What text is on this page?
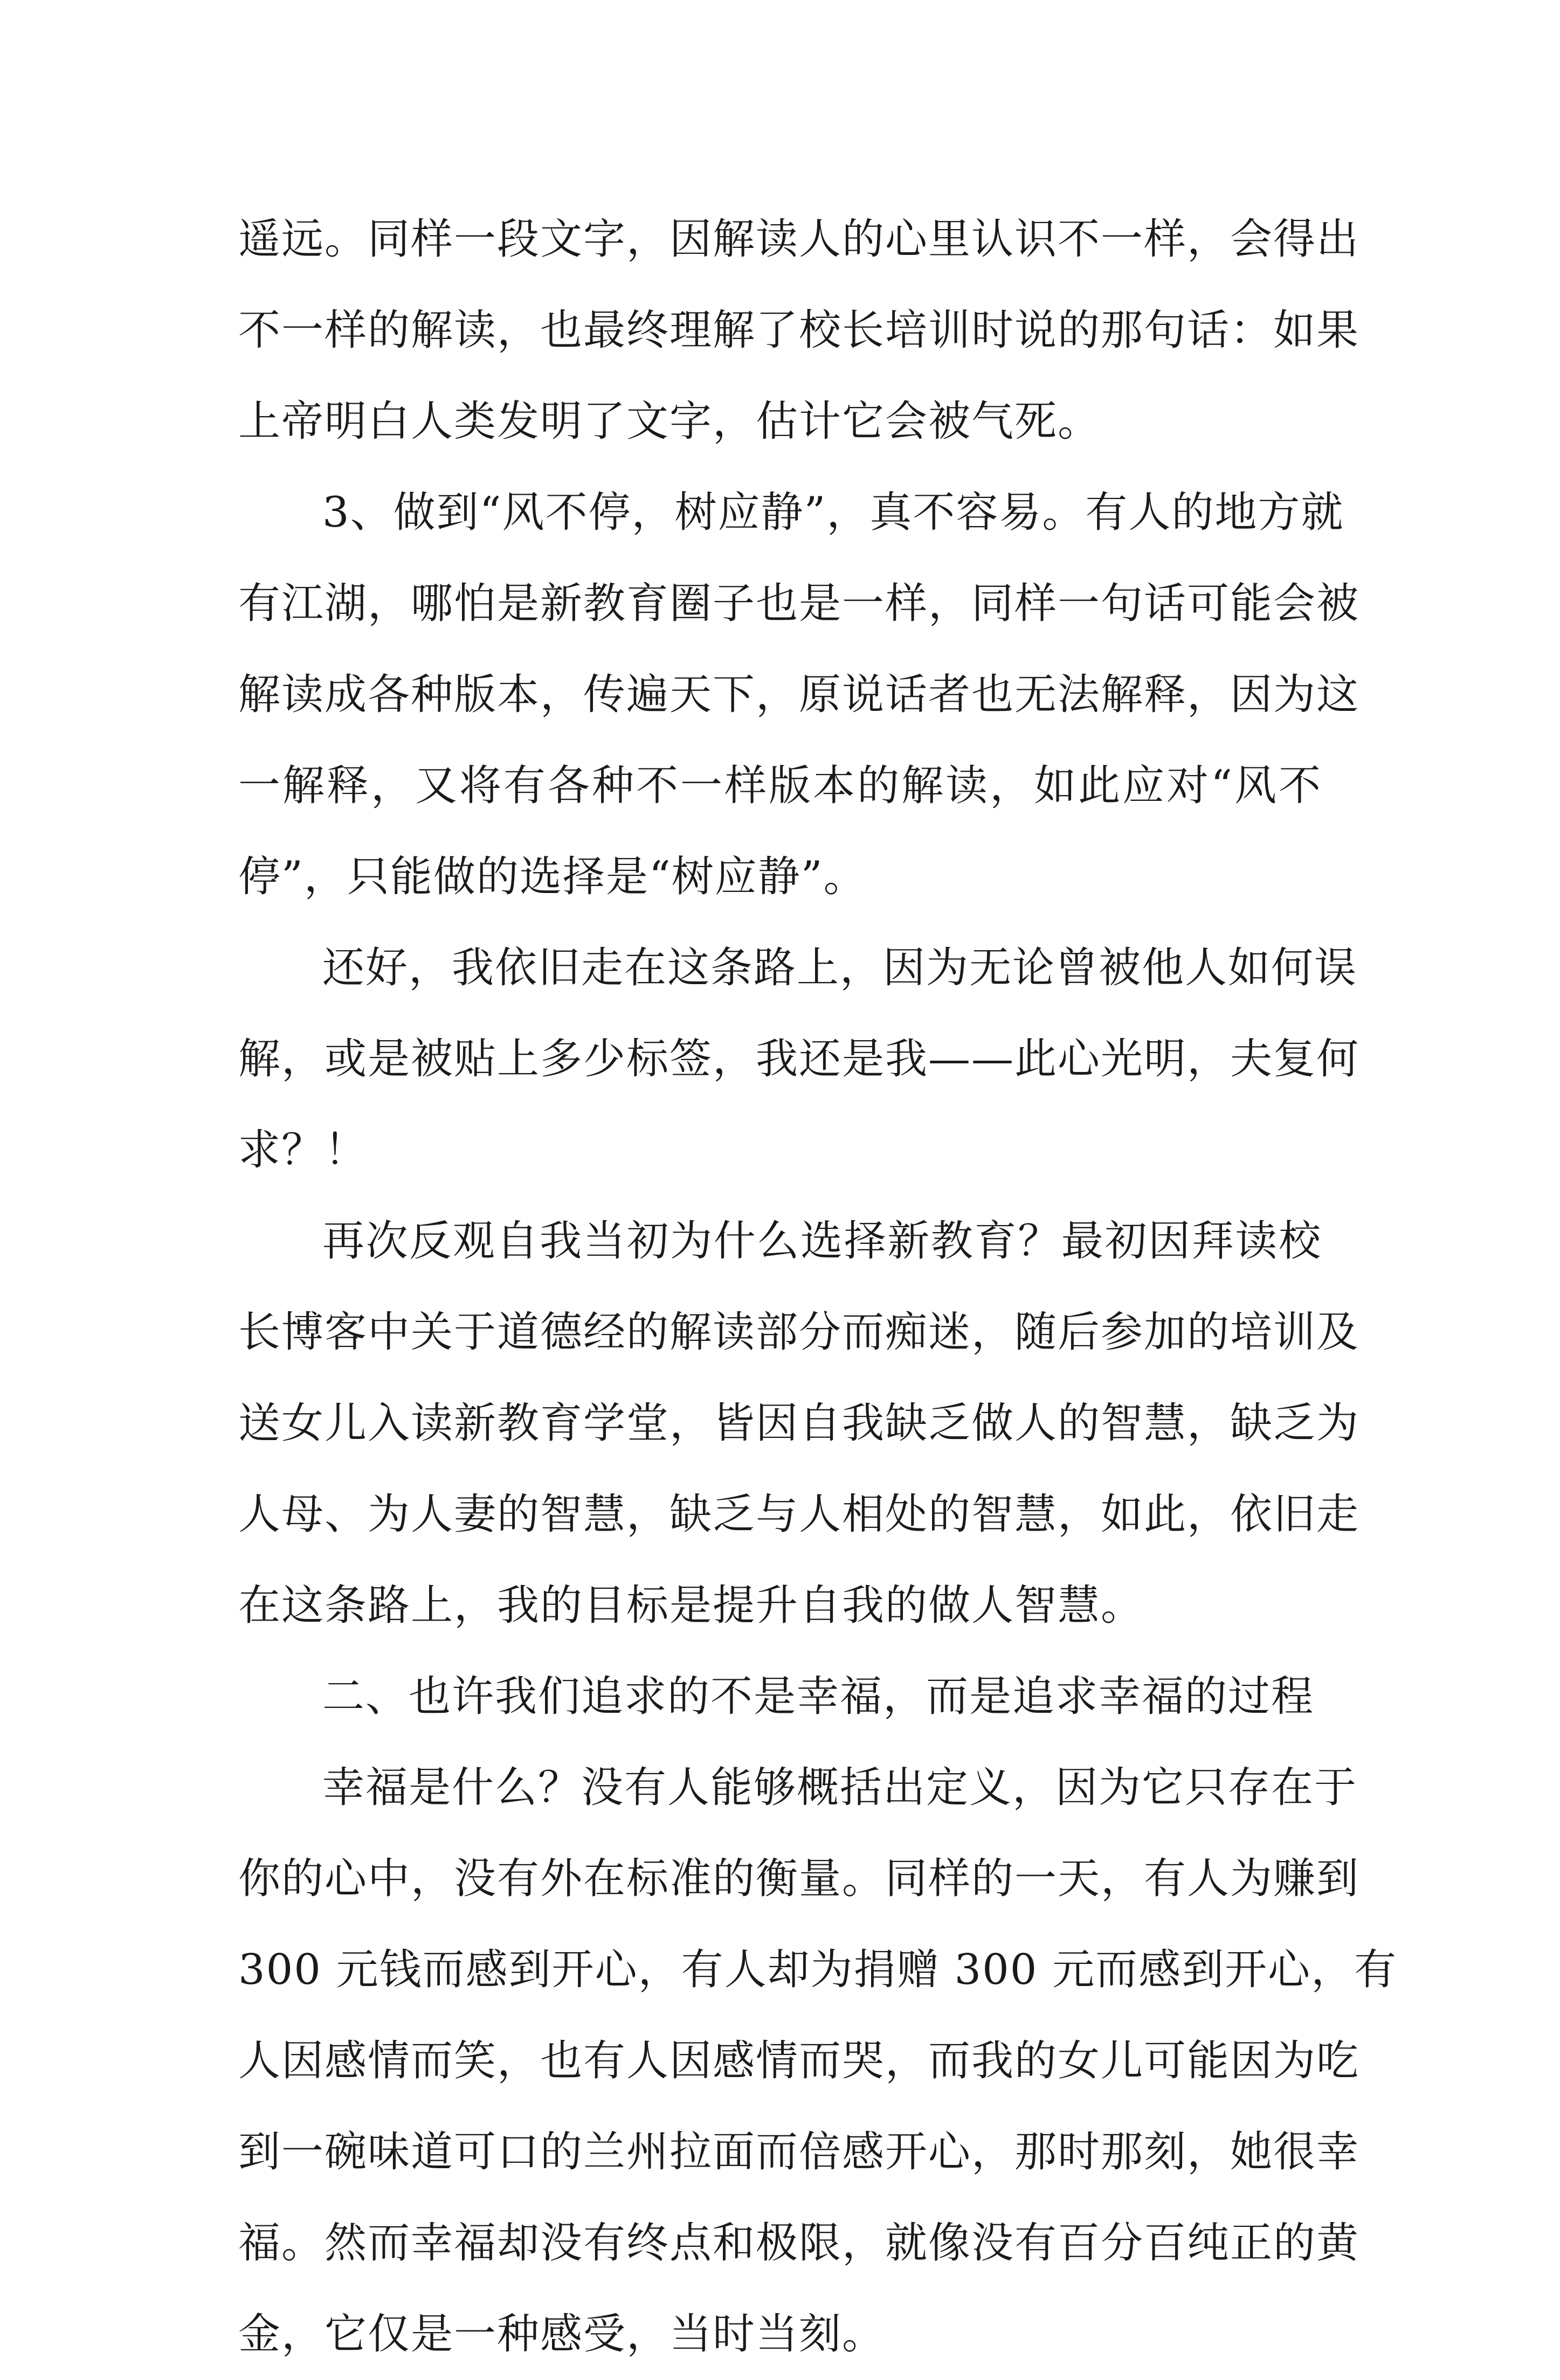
遥远。同样一段文字，因解读人的心里认识不一样，会得出
不一样的解读，也最终理解了校长培训时说的那句话：如果
上帝明白人类发明了文字，估计它会被气死。
3、做到“风不停，树应静”，真不容易。有人的地方就
有江湖，哪怕是新教育圈子也是一样，同样一句话可能会被
解读成各种版本，传遍天下，原说话者也无法解释，因为这
一解释，又将有各种不一样版本的解读，如此应对“风不
停”，只能做的选择是“树应静”。
还好，我依旧走在这条路上，因为无论曾被他人如何误
解，或是被贴上多少标签，我还是我——此心光明，夫复何
求？！
再次反观自我当初为什么选择新教育？最初因拜读校
长博客中关于道德经的解读部分而痴迷，随后参加的培训及
送女儿入读新教育学堂，皆因自我缺乏做人的智慧，缺乏为
人母、为人妻的智慧，缺乏与人相处的智慧，如此，依旧走
在这条路上，我的目标是提升自我的做人智慧。
二、也许我们追求的不是幸福，而是追求幸福的过程
幸福是什么？没有人能够概括出定义，因为它只存在于
你的心中，没有外在标准的衡量。同样的一天，有人为赚到
300 元钱而感到开心，有人却为捐赠 300 元而感到开心，有
人因感情而笑，也有人因感情而哭，而我的女儿可能因为吃
到一碗味道可口的兰州拉面而倍感开心，那时那刻，她很幸
福。然而幸福却没有终点和极限，就像没有百分百纯正的黄
金，它仅是一种感受，当时当刻。
